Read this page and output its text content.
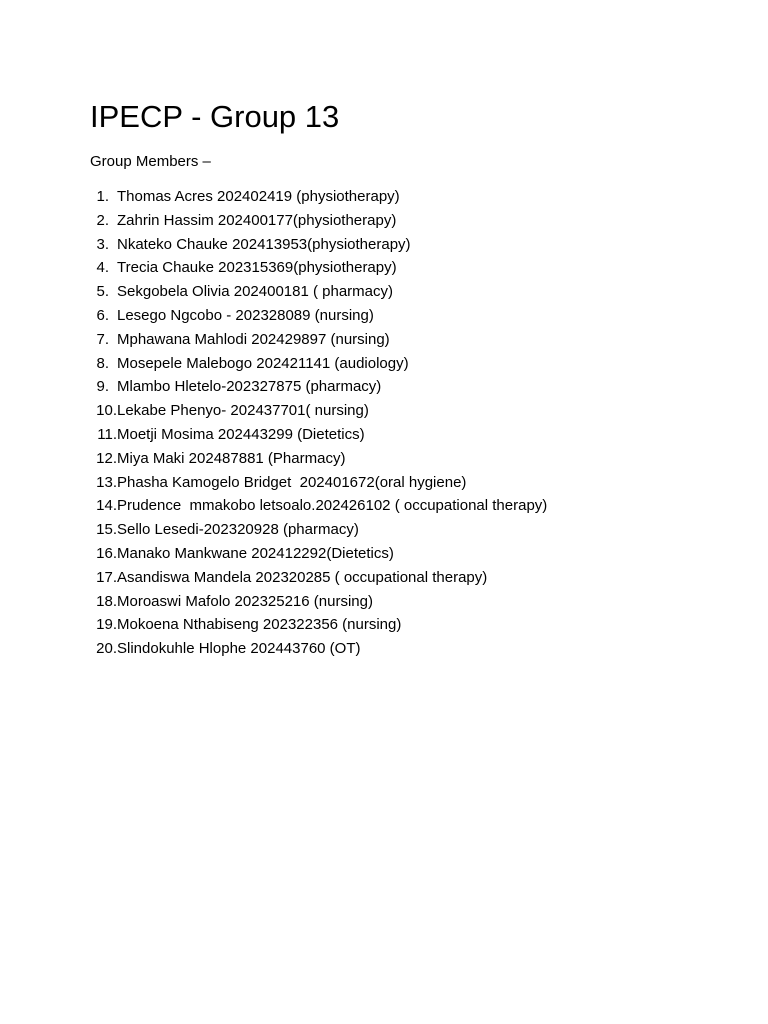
IPECP - Group 13

Group Members –

1. Thomas Acres 202402419 (physiotherapy)
2. Zahrin Hassim 202400177(physiotherapy)
3. Nkateko Chauke 202413953(physiotherapy)
4. Trecia Chauke 202315369(physiotherapy)
5. Sekgobela Olivia 202400181 ( pharmacy)
6. Lesego Ngcobo - 202328089 (nursing)
7. Mphawana Mahlodi 202429897 (nursing)
8. Mosepele Malebogo 202421141 (audiology)
9. Mlambo Hletelo-202327875 (pharmacy)
10. Lekabe Phenyo- 202437701( nursing)
11. Moetji Mosima 202443299 (Dietetics)
12. Miya Maki 202487881 (Pharmacy)
13. Phasha Kamogelo Bridget  202401672(oral hygiene)
14. Prudence  mmakobo letsoalo.202426102 ( occupational therapy)
15. Sello Lesedi-202320928 (pharmacy)
16. Manako Mankwane 202412292(Dietetics)
17. Asandiswa Mandela 202320285 ( occupational therapy)
18. Moroaswi Mafolo 202325216 (nursing)
19. Mokoena Nthabiseng 202322356 (nursing)
20. Slindokuhle Hlophe 202443760 (OT)
